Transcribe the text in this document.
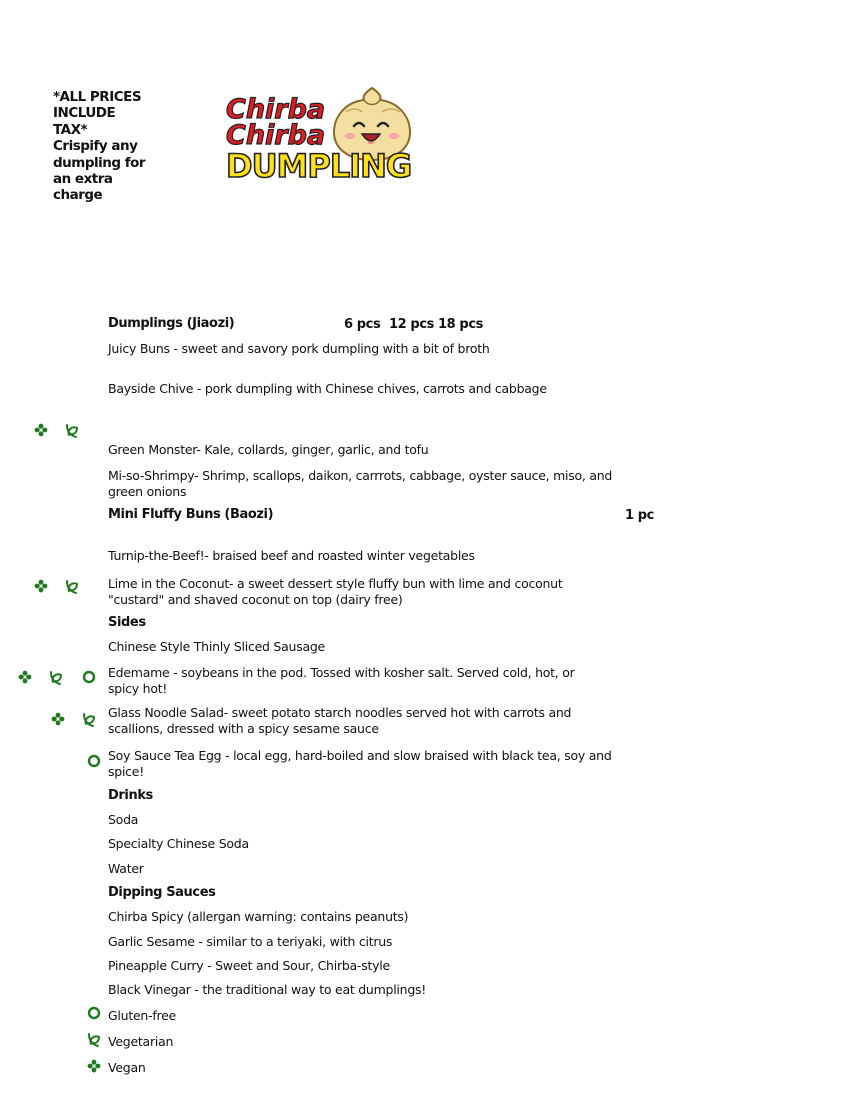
*ALL PRICES
INCLUDE
TAX*
Crispify any
dumpling for
an extra
charge
Chirba
Chirba
DUMPLING
Dumplings (Jiaozi)	6 pcs 12 pcs 18 pcs
Juicy Buns - sweet and savory pork dumpling with a bit of broth
Bayside Chive - pork dumpling with Chinese chives, carrots and cabbage
Green Monster- Kale, collards, ginger, garlic, and tofu
Mi-so-Shrimpy- Shrimp, scallops, daikon, carrrots, cabbage, oyster sauce, miso, and
green onions
Mini Fluffy Buns (Baozi)	1 pc
Turnip-the-Beef!- braised beef and roasted winter vegetables
Lime in the Coconut- a sweet dessert style fluffy bun with lime and coconut
"custard" and shaved coconut on top (dairy free)
Sides
Chinese Style Thinly Sliced Sausage
Edemame - soybeans in the pod. Tossed with kosher salt. Served cold, hot, or
spicy hot!
Glass Noodle Salad- sweet potato starch noodles served hot with carrots and
scallions, dressed with a spicy sesame sauce
Soy Sauce Tea Egg - local egg, hard-boiled and slow braised with black tea, soy and
spice!
Drinks
Soda
Specialty Chinese Soda
Water
Dipping Sauces
Chirba Spicy (allergan warning: contains peanuts)
Garlic Sesame - similar to a teriyaki, with citrus
Pineapple Curry - Sweet and Sour, Chirba-style
Black Vinegar - the traditional way to eat dumplings!
Gluten-free
Vegetarian
Vegan
